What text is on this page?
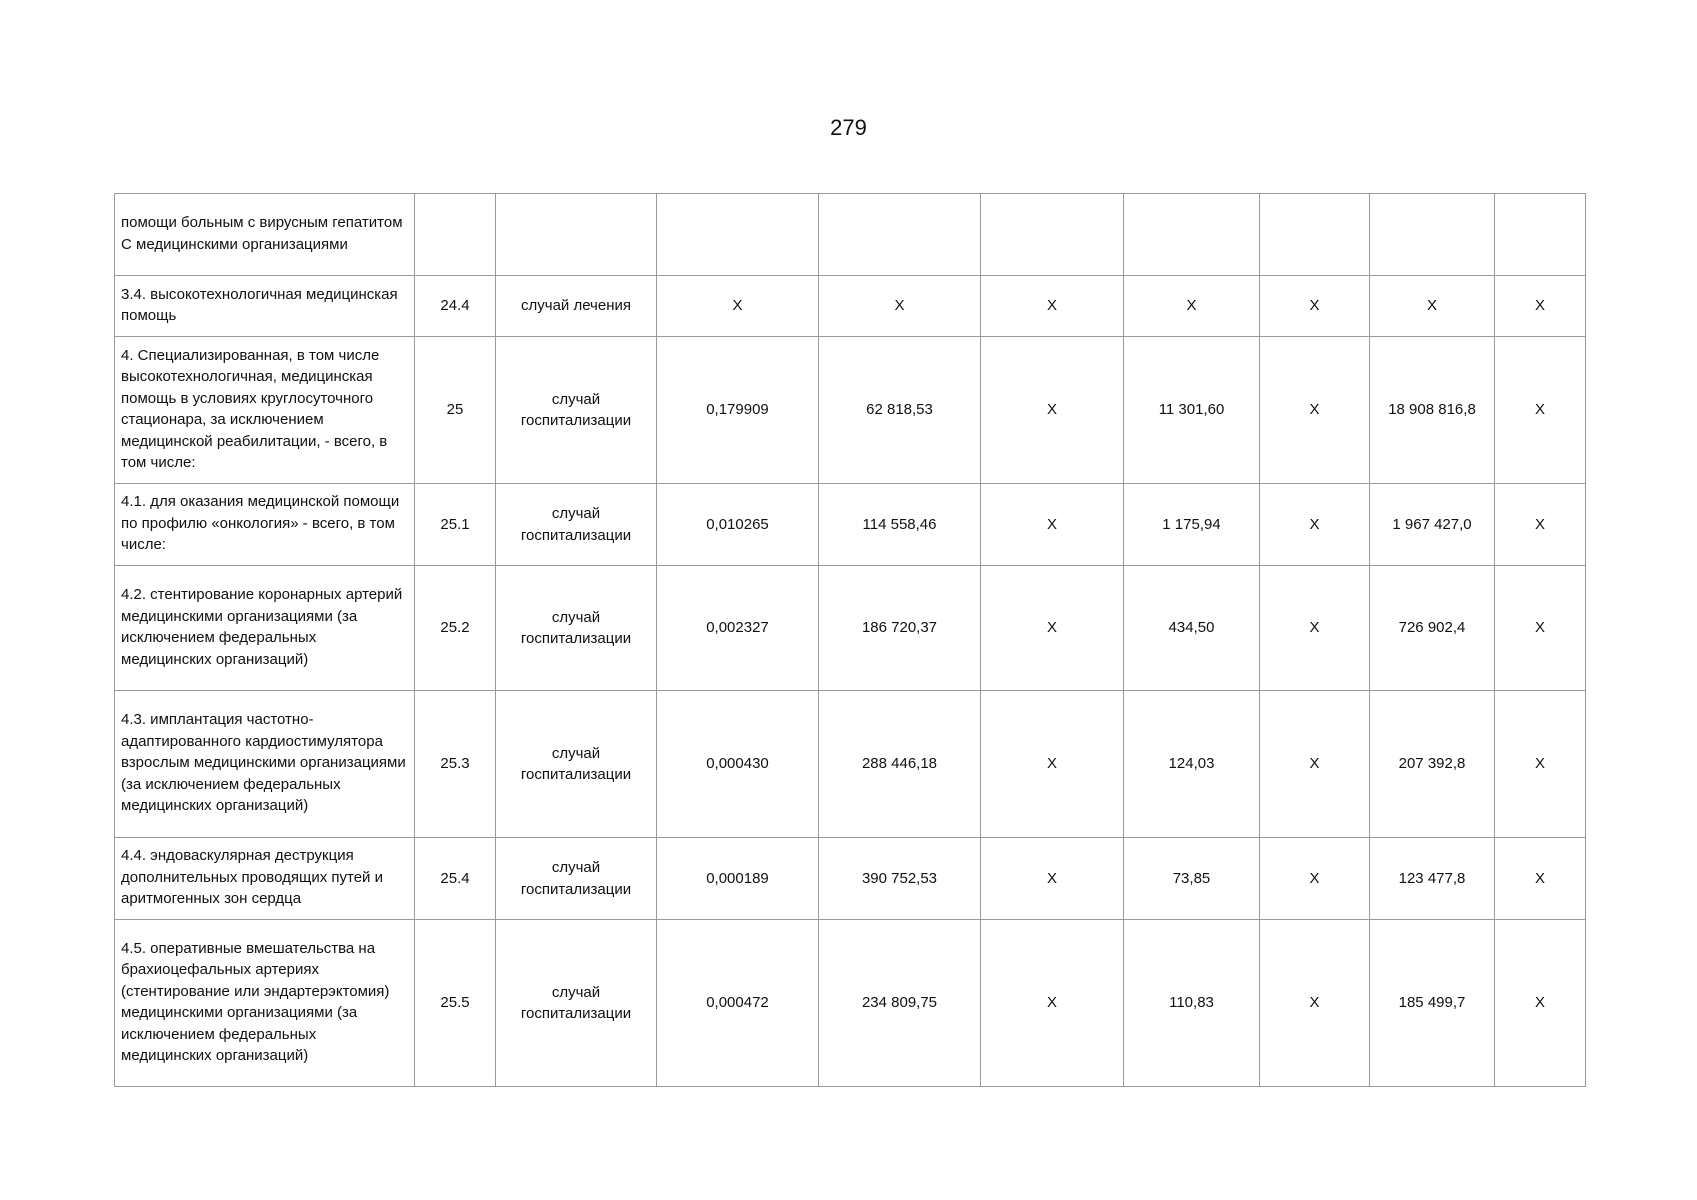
279
помощи больным с вирусным гепатитом С медицинскими организациями									
3.4. высокотехнологичная медицинская помощь	24.4	случай лечения	X	X	X	X	X	X	X
4. Специализированная, в том числе высокотехнологичная, медицинская помощь в условиях круглосуточного стационара, за исключением медицинской реабилитации, - всего, в том числе:	25	случай госпитализации	0,179909	62 818,53	X	11 301,60	X	18 908 816,8	X
4.1. для оказания медицинской помощи по профилю «онкология» - всего, в том числе:	25.1	случай госпитализации	0,010265	114 558,46	X	1 175,94	X	1 967 427,0	X
4.2. стентирование коронарных артерий медицинскими организациями (за исключением федеральных медицинских организаций)	25.2	случай госпитализации	0,002327	186 720,37	X	434,50	X	726 902,4	X
4.3. имплантация частотно-адаптированного кардиостимулятора взрослым медицинскими организациями (за исключением федеральных медицинских организаций)	25.3	случай госпитализации	0,000430	288 446,18	X	124,03	X	207 392,8	X
4.4. эндоваскулярная деструкция дополнительных проводящих путей и аритмогенных зон сердца	25.4	случай госпитализации	0,000189	390 752,53	X	73,85	X	123 477,8	X
4.5. оперативные вмешательства на брахиоцефальных артериях (стентирование или эндартерэктомия) медицинскими организациями (за исключением федеральных медицинских организаций)	25.5	случай госпитализации	0,000472	234 809,75	X	110,83	X	185 499,7	X
